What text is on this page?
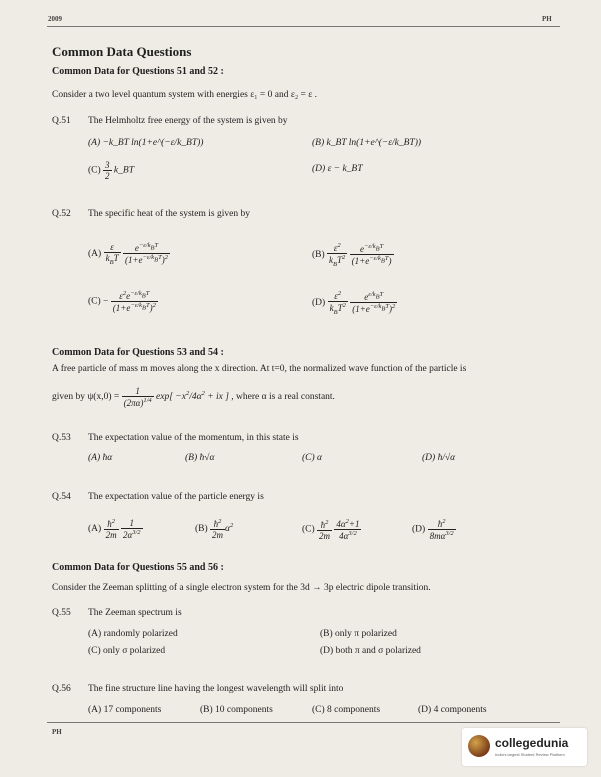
2009	PH
Common Data Questions
Common Data for Questions 51 and 52 :
Consider a two level quantum system with energies ε₁ = 0 and ε₂ = ε .
Q.51 The Helmholtz free energy of the system is given by
(A) −k_BT ln(1+e^(−ε/k_BT))	(B) k_BT ln(1+e^(−ε/k_BT))
$(C) \frac{3}{2}$ k_BT	(D) ε − k_BT
Q.52 The specific heat of the system is given by
$(A) \frac{\varepsilon}{k_BT}$
$\frac{e^{-\varepsilon/k_BT}}{(1+e^{-\varepsilon/k_BT})^2}$	$(B) \frac{\varepsilon^2}{k_BT^2}$
$\frac{e^{-\varepsilon/k_BT}}{(1+e^{-\varepsilon/k_BT})}$
$(C) - \frac{\varepsilon^2e^{-\varepsilon/k_BT}}{(1+e^{-\varepsilon/k_BT})^2}$	$(D) \frac{\varepsilon^2}{k_BT^2}$
$\frac{e^{\varepsilon/k_BT}}{(1+e^{-\varepsilon/k_BT})^2}$
Common Data for Questions 53 and 54 :
A free particle of mass m moves along the x direction. At t=0, the normalized wave function of the particle is
given by $\psi(x,0) = \frac{1}{(2\pi\alpha)^{1/4}} \exp[ -x^2/4\alpha^2$ + ix ] , where α is a real constant.
Q.53 The expectation value of the momentum, in this state is
(A) ħα	(B) ħ√α	(C) α	(D) ħ/√α
Q.54 The expectation value of the particle energy is
$(A) \frac{ħ^2}{2m}$
$\frac{1}{2\alpha^{3/2}}$	$(B) \frac{ħ^2}{2m} \alpha^2$	$(C) \frac{ħ^2}{2m}$
$\frac{4\alpha^2+1}{4\alpha^{3/2}}$	$(D) \frac{ħ^2}{8m\alpha^{3/2}}$
Common Data for Questions 55 and 56 :
Consider the Zeeman splitting of a single electron system for the 3d → 3p electric dipole transition.
Q.55 The Zeeman spectrum is
(A) randomly polarized	(B) only π polarized
(C) only σ polarized	(D) both π and σ polarized
Q.56 The fine structure line having the longest wavelength will split into
(A) 17 components	(B) 10 components	(C) 8 components	(D) 4 components
PH
collegedunia
India's largest Student Review Platform
